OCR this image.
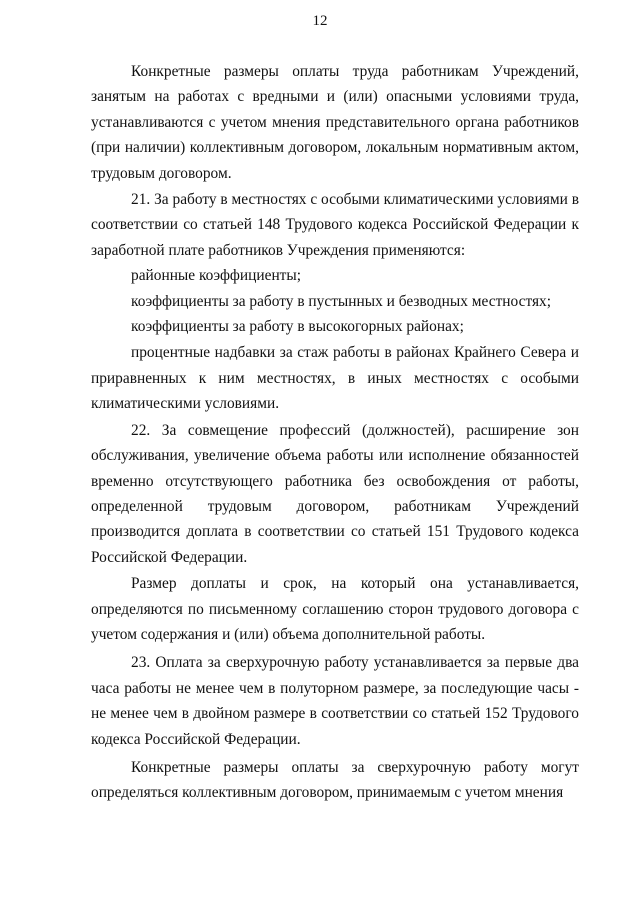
12

Конкретные размеры оплаты труда работникам Учреждений, занятым на работах с вредными и (или) опасными условиями труда, устанавливаются с учетом мнения представительного органа работников (при наличии) коллективным договором, локальным нормативным актом, трудовым договором.

21. За работу в местностях с особыми климатическими условиями в соответствии со статьей 148 Трудового кодекса Российской Федерации к заработной плате работников Учреждения применяются:

районные коэффициенты;

коэффициенты за работу в пустынных и безводных местностях;

коэффициенты за работу в высокогорных районах;

процентные надбавки за стаж работы в районах Крайнего Севера и приравненных к ним местностях, в иных местностях с особыми климатическими условиями.

22. За совмещение профессий (должностей), расширение зон обслуживания, увеличение объема работы или исполнение обязанностей временно отсутствующего работника без освобождения от работы, определенной трудовым договором, работникам Учреждений производится доплата в соответствии со статьей 151 Трудового кодекса Российской Федерации.

Размер доплаты и срок, на который она устанавливается, определяются по письменному соглашению сторон трудового договора с учетом содержания и (или) объема дополнительной работы.

23. Оплата за сверхурочную работу устанавливается за первые два часа работы не менее чем в полуторном размере, за последующие часы - не менее чем в двойном размере в соответствии со статьей 152 Трудового кодекса Российской Федерации.

Конкретные размеры оплаты за сверхурочную работу могут определяться коллективным договором, принимаемым с учетом мнения
